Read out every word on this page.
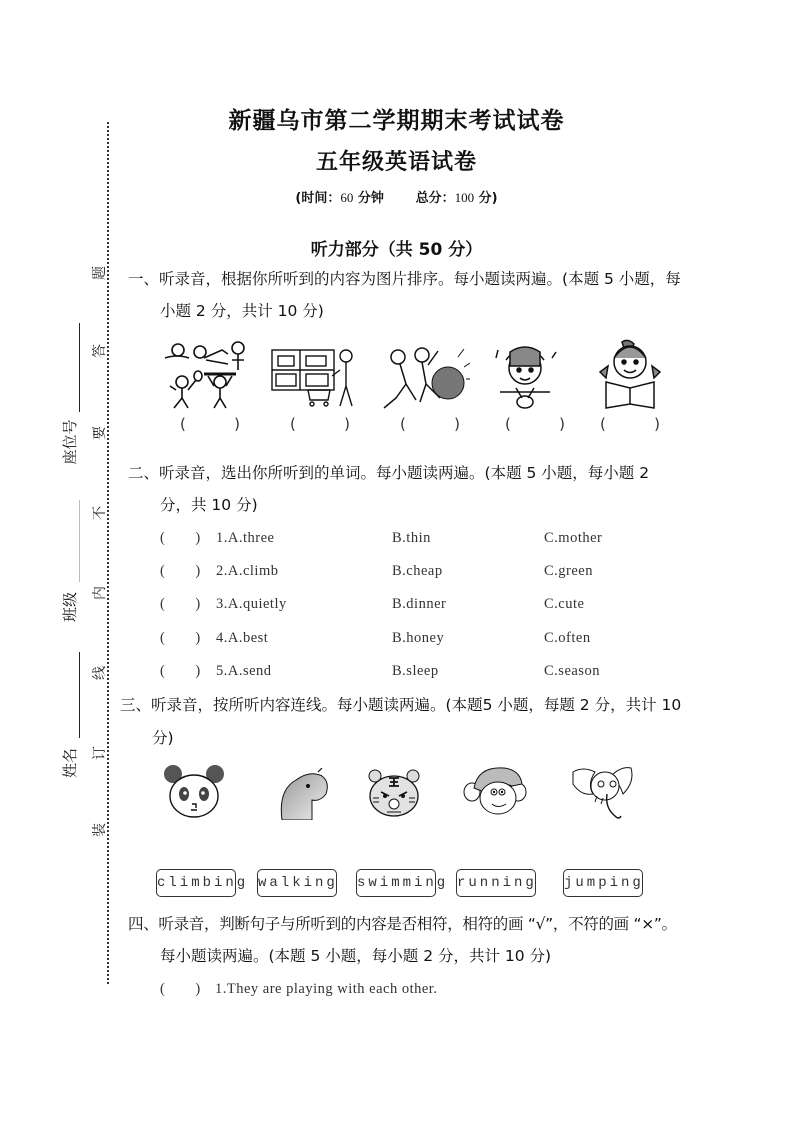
题
答
要
不
内
线
订
装
座位号
班级
姓名
新疆乌市第二学期期末考试试卷
五年级英语试卷
(时间：60 分钟 总分：100 分)
听力部分（共 50 分）
一、听录音，根据你所听到的内容为图片排序。每小题读两遍。(本题 5 小题，每
小题 2 分，共计 10 分)
(	)	(	)	(	)	(	) (	)
二、听录音，选出你所听到的单词。每小题读两遍。(本题 5 小题，每小题 2
分，共 10 分)
( ) 1.A.three	B.thin	C.mother
( ) 2.A.climb	B.cheap	C.green
( ) 3.A.quietly	B.dinner	C.cute
( ) 4.A.best	B.honey	C.often
( ) 5.A.send	B.sleep	C.season
三、听录音，按所听内容连线。每小题读两遍。(本题5 小题，每题 2 分，共计 10
分)
climbing walking swimming running jumping
四、听录音，判断句子与所听到的内容是否相符，相符的画 “√”，不符的画 “×”。
每小题读两遍。(本题 5 小题，每小题 2 分，共计 10 分)
( ) 1.They are playing with each other.
